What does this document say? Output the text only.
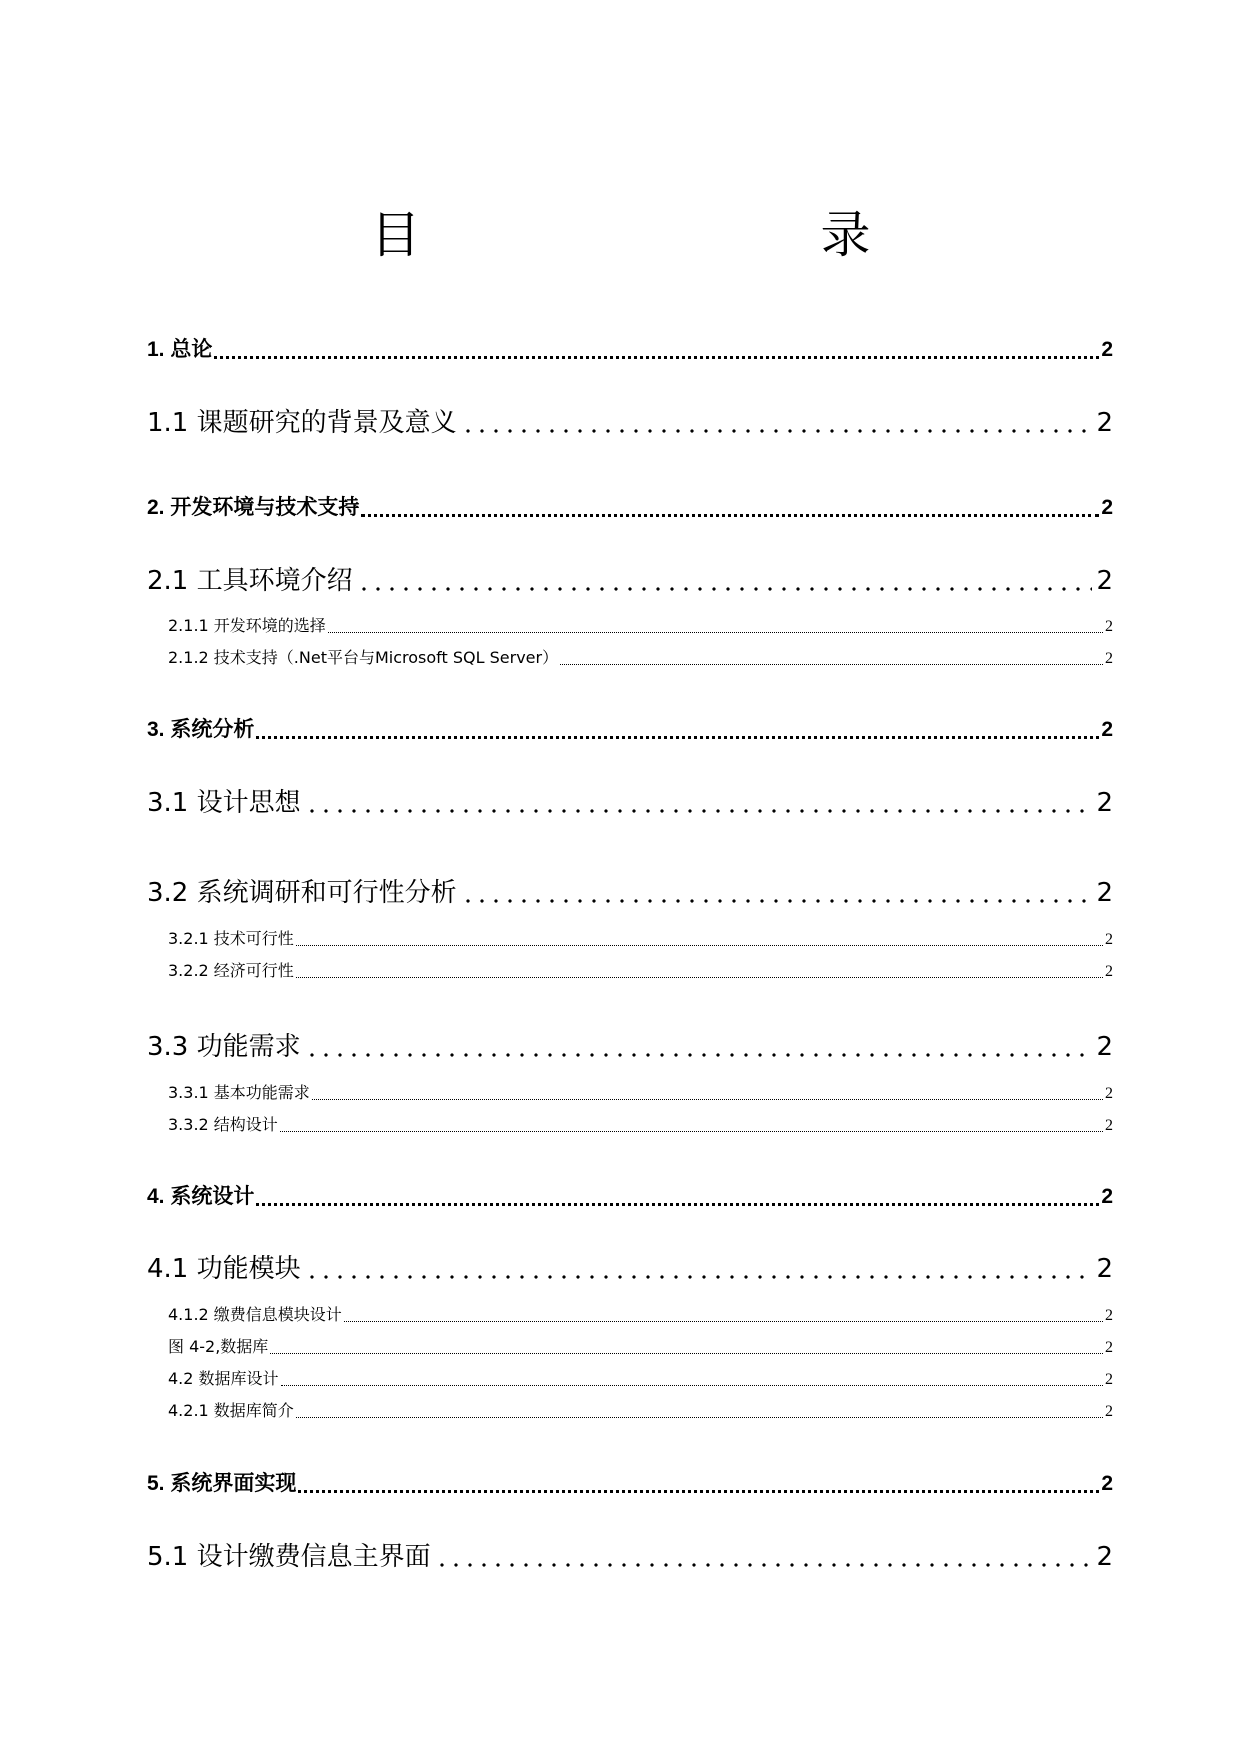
目　　录
1. 总论	2
1.1 课题研究的背景及意义	2
2. 开发环境与技术支持	2
2.1 工具环境介绍	2
2.1.1 开发环境的选择	2
2.1.2 技术支持（.Net平台与Microsoft SQL Server）	2
3. 系统分析	2
3.1 设计思想	2
3.2 系统调研和可行性分析	2
3.2.1 技术可行性	2
3.2.2 经济可行性	2
3.3 功能需求	2
3.3.1 基本功能需求	2
3.3.2 结构设计	2
4. 系统设计	2
4.1 功能模块	2
4.1.2 缴费信息模块设计	2
图 4-2,数据库	2
4.2 数据库设计	2
4.2.1 数据库简介	2
5. 系统界面实现	2
5.1 设计缴费信息主界面	2
